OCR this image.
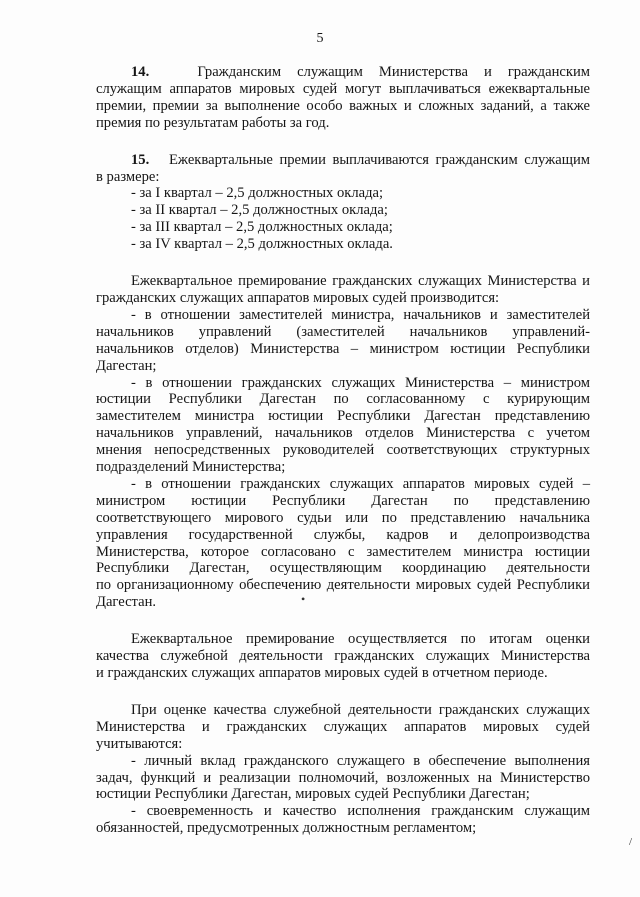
5

14.	Гражданским служащим Министерства и гражданским

служащим аппаратов мировых судей могут выплачиваться ежеквартальные

премии, премии за выполнение особо важных и сложных заданий, а также

премия по результатам работы за год.

15. Ежеквартальные премии выплачиваются гражданским служащим

в размере:

- за I квартал – 2,5 должностных оклада;

- за II квартал – 2,5 должностных оклада;

- за III квартал – 2,5 должностных оклада;

- за IV квартал – 2,5 должностных оклада.

Ежеквартальное премирование гражданских служащих Министерства и

гражданских служащих аппаратов мировых судей производится:

- в отношении заместителей министра, начальников и заместителей

начальников управлений (заместителей начальников управлений-

начальников отделов) Министерства – министром юстиции Республики

Дагестан;

- в отношении гражданских служащих Министерства – министром

юстиции Республики Дагестан по согласованному с курирующим

заместителем министра юстиции Республики Дагестан представлению

начальников управлений, начальников отделов Министерства с учетом

мнения непосредственных руководителей соответствующих структурных

подразделений Министерства;

- в отношении гражданских служащих аппаратов мировых судей –

министром юстиции Республики Дагестан по представлению

соответствующего мирового судьи или по представлению начальника

управления государственной службы, кадров и делопроизводства

Министерства, которое согласовано с заместителем министра юстиции

Республики Дагестан, осуществляющим координацию деятельности

по организационному обеспечению деятельности мировых судей Республики

Дагестан.

Ежеквартальное премирование осуществляется по итогам оценки

качества служебной деятельности гражданских служащих Министерства

и гражданских служащих аппаратов мировых судей в отчетном периоде.

При оценке качества служебной деятельности гражданских служащих

Министерства и гражданских служащих аппаратов мировых судей

учитываются:

- личный вклад гражданского служащего в обеспечение выполнения

задач, функций и реализации полномочий, возложенных на Министерство

юстиции Республики Дагестан, мировых судей Республики Дагестан;

- своевременность и качество исполнения гражданским служащим

обязанностей, предусмотренных должностным регламентом;

•
/
